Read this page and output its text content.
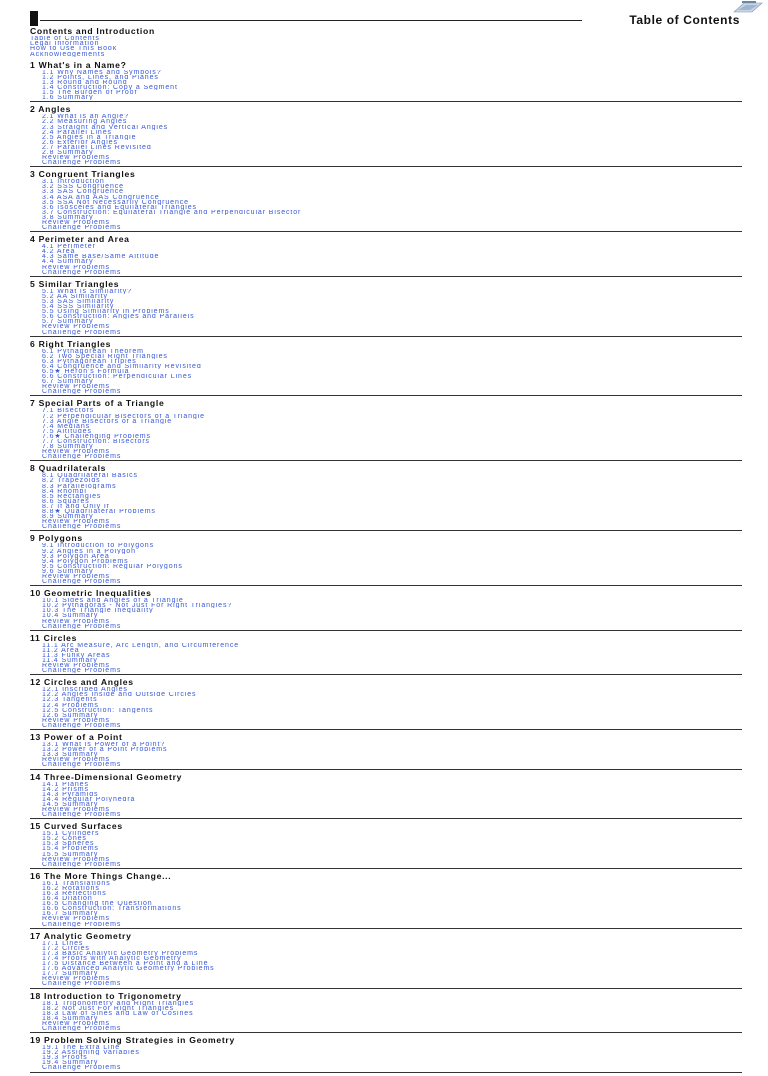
Table of Contents
Contents and Introduction
Table of Contents
Legal Information
How to Use This Book
Acknowledgements
1 What's in a Name?
1.1 Why Names and Symbols?
1.2 Points, Lines, and Planes
1.3 Round and Round
1.4 Construction: Copy a Segment
1.5 The Burden of Proof
1.6 Summary
2 Angles
2.1 What is an Angle?
2.2 Measuring Angles
2.3 Straight and Vertical Angles
2.4 Parallel Lines
2.5 Angles in a Triangle
2.6 Exterior Angles
2.7 Parallel Lines Revisited
2.8 Summary
Review Problems
Challenge Problems
3 Congruent Triangles
3.1 Introduction
3.2 SSS Congruence
3.3 SAS Congruence
3.4 ASA and AAS Congruence
3.5 SSA Not Necessarily Congruence
3.6 Isosceles and Equilateral Triangles
3.7 Construction: Equilateral Triangle and Perpendicular Bisector
3.8 Summary
Review Problems
Challenge Problems
4 Perimeter and Area
4.1 Perimeter
4.2 Area
4.3 Same Base/Same Altitude
4.4 Summary
Review Problems
Challenge Problems
5 Similar Triangles
5.1 What is Similarity?
5.2 AA Similarity
5.3 SAS Similarity
5.4 SSS Similarity
5.5 Using Similarity in Problems
5.6 Construction: Angles and Parallels
5.7 Summary
Review Problems
Challenge Problems
6 Right Triangles
6.1 Pythagorean Theorem
6.2 Two Special Right Triangles
6.3 Pythagorean Triples
6.4 Congruence and Similarity Revisited
6.5★ Heron's Formula
6.6 Construction: Perpendicular Lines
6.7 Summary
Review Problems
Challenge Problems
7 Special Parts of a Triangle
7.1 Bisectors
7.2 Perpendicular Bisectors of a Triangle
7.3 Angle Bisectors of a Triangle
7.4 Medians
7.5 Altitudes
7.6★ Challenging Problems
7.7 Construction: Bisectors
7.8 Summary
Review Problems
Challenge Problems
8 Quadrilaterals
8.1 Quadrilateral Basics
8.2 Trapezoids
8.3 Parallelograms
8.4 Rhombi
8.5 Rectangles
8.6 Squares
8.7 If and Only If
8.8★ Quadrilateral Problems
8.9 Summary
Review Problems
Challenge Problems
9 Polygons
9.1 Introduction to Polygons
9.2 Angles in a Polygon
9.3 Polygon Area
9.4 Polygon Problems
9.5 Construction: Regular Polygons
9.6 Summary
Review Problems
Challenge Problems
10 Geometric Inequalities
10.1 Sides and Angles of a Triangle
10.2 Pythagoras - Not Just For Right Triangles?
10.3 The Triangle Inequality
10.4 Summary
Review Problems
Challenge Problems
11 Circles
11.1 Arc Measure, Arc Length, and Circumference
11.2 Area
11.3 Funky Areas
11.4 Summary
Review Problems
Challenge Problems
12 Circles and Angles
12.1 Inscribed Angles
12.2 Angles Inside and Outside Circles
12.3 Tangents
12.4 Problems
12.5 Construction: Tangents
12.6 Summary
Review Problems
Challenge Problems
13 Power of a Point
13.1 What is Power of a Point?
13.2 Power of a Point Problems
13.3 Summary
Review Problems
Challenge Problems
14 Three-Dimensional Geometry
14.1 Planes
14.2 Prisms
14.3 Pyramids
14.4 Regular Polyhedra
14.5 Summary
Review Problems
Challenge Problems
15 Curved Surfaces
15.1 Cylinders
15.2 Cones
15.3 Spheres
15.4 Problems
15.5 Summary
Review Problems
Challenge Problems
16 The More Things Change...
16.1 Translations
16.2 Rotations
16.3 Reflections
16.4 Dilation
16.5 Changing the Question
16.6 Construction: Transformations
16.7 Summary
Review Problems
Challenge Problems
17 Analytic Geometry
17.1 Lines
17.2 Circles
17.3 Basic Analytic Geometry Problems
17.4 Proofs with Analytic Geometry
17.5 Distance Between a Point and a Line
17.6 Advanced Analytic Geometry Problems
17.7 Summary
Review Problems
Challenge Problems
18 Introduction to Trigonometry
18.1 Trigonometry and Right Triangles
18.2 Not Just For Right Triangles
18.3 Law of Sines and Law of Cosines
18.4 Summary
Review Problems
Challenge Problems
19 Problem Solving Strategies in Geometry
19.1 The Extra Line
19.2 Assigning Variables
19.3 Proofs
19.4 Summary
Challenge Problems
